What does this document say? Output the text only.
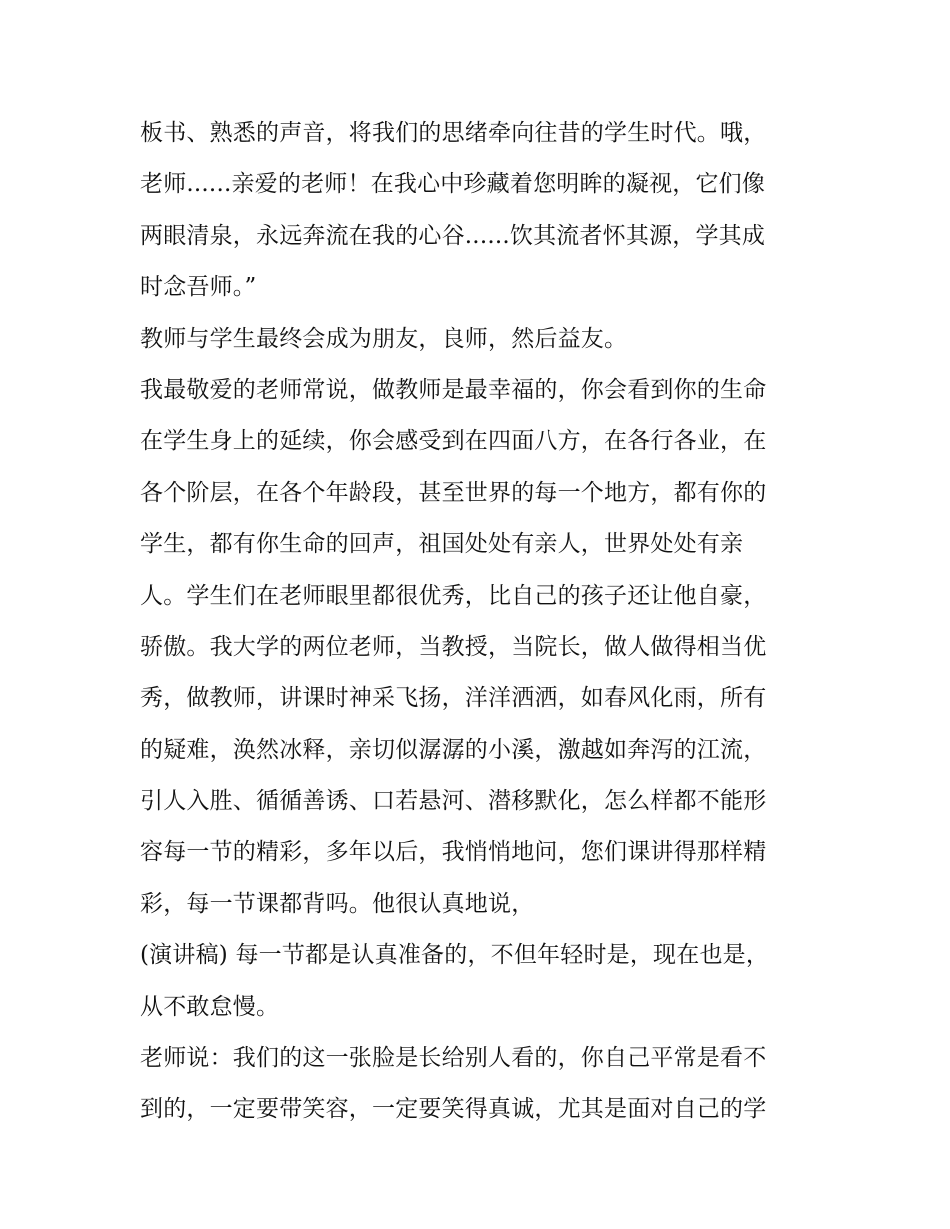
板书、熟悉的声音，将我们的思绪牵向往昔的学生时代。哦，
老师......亲爱的老师！在我心中珍藏着您明眸的凝视，它们像
两眼清泉，永远奔流在我的心谷......饮其流者怀其源，学其成
时念吾师。”
教师与学生最终会成为朋友，良师，然后益友。
我最敬爱的老师常说，做教师是最幸福的，你会看到你的生命
在学生身上的延续，你会感受到在四面八方，在各行各业，在
各个阶层，在各个年龄段，甚至世界的每一个地方，都有你的
学生，都有你生命的回声，祖国处处有亲人，世界处处有亲
人。学生们在老师眼里都很优秀，比自己的孩子还让他自豪，
骄傲。我大学的两位老师，当教授，当院长，做人做得相当优
秀，做教师，讲课时神采飞扬，洋洋洒洒，如春风化雨，所有
的疑难，涣然冰释，亲切似潺潺的小溪，激越如奔泻的江流，
引人入胜、循循善诱、口若悬河、潜移默化，怎么样都不能形
容每一节的精彩，多年以后，我悄悄地问，您们课讲得那样精
彩，每一节课都背吗。他很认真地说，
(演讲稿) 每一节都是认真准备的，不但年轻时是，现在也是，
从不敢怠慢。
老师说：我们的这一张脸是长给别人看的，你自己平常是看不
到的，一定要带笑容，一定要笑得真诚，尤其是面对自己的学
